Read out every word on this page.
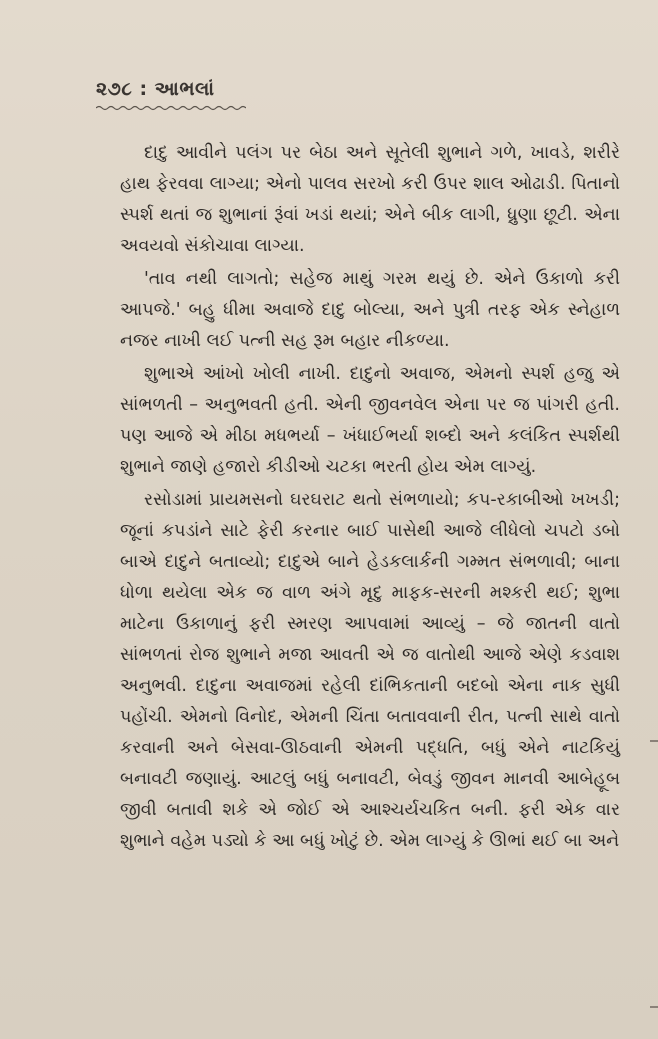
૨૭૮ : આભલાં

દાદુ આવીને પલંગ પર બેઠા અને સૂતેલી શુભાને ગળે, ખાવડે, શરીરે હાથ ફેરવવા લાગ્યા; એનો પાલવ સરખો કરી ઉપર શાલ ઓઢાડી. પિતાનો સ્પર્શ થતાં જ શુભાનાં રૂંવાં ખડાં થયાં; એને બીક લાગી, ધ્રુણા છૂટી. એના અવયવો સંકોચાવા લાગ્યા.

'તાવ નથી લાગતો; સહેજ માથું ગરમ થયું છે. એને ઉકાળો કરી આપજે.' બહુ ધીમા અવાજે દાદુ બોલ્યા, અને પુત્રી તરફ એક સ્નેહાળ નજર નાખી લઈ પત્ની સહ રૂમ બહાર નીકળ્યા.

શુભાએ આંખો ખોલી નાખી. દાદુનો અવાજ, એમનો સ્પર્શ હજુ એ સાંભળતી – અનુભવતી હતી. એની જીવનવેલ એના પર જ પાંગરી હતી. પણ આજે એ મીઠા મધભર્યા – ખંધાઈભર્યા શબ્દો અને કલંકિત સ્પર્શથી શુભાને જાણે હજારો કીડીઓ ચટકા ભરતી હોય એમ લાગ્યું.

રસોડામાં પ્રાયમસનો ઘરઘરાટ થતો સંભળાયો; કપ-રકાબીઓ ખખડી; જૂનાં કપડાંને સાટે ફેરી કરનાર બાઈ પાસેથી આજે લીધેલો ચપટો ડબો બાએ દાદુને બતાવ્યો; દાદુએ બાને હેડકલાર્કની ગમ્મત સંભળાવી; બાના ધોળા થયેલા એક જ વાળ અંગે મૃદુ માફક-સરની મશ્કરી થઈ; શુભા માટેના ઉકાળાનું ફરી સ્મરણ આપવામાં આવ્યું – જે જાતની વાતો સાંભળતાં રોજ શુભાને મજા આવતી એ જ વાતોથી આજે એણે કડવાશ અનુભવી. દાદુના અવાજમાં રહેલી દાંભિકતાની બદબો એના નાક સુધી પહોંચી. એમનો વિનોદ, એમની ચિંતા બતાવવાની રીત, પત્ની સાથે વાતો કરવાની અને બેસવા-ઊઠવાની એમની પદ્ધતિ, બધું એને નાટકિયું બનાવટી જણાયું. આટલું બધું બનાવટી, બેવડું જીવન માનવી આબેહૂબ જીવી બતાવી શકે એ જોઈ એ આશ્ચર્યચકિત બની. ફરી એક વાર શુભાને વહેમ પડ્યો કે આ બધું ખોટું છે. એમ લાગ્યું કે ઊભાં થઈ બા અને
